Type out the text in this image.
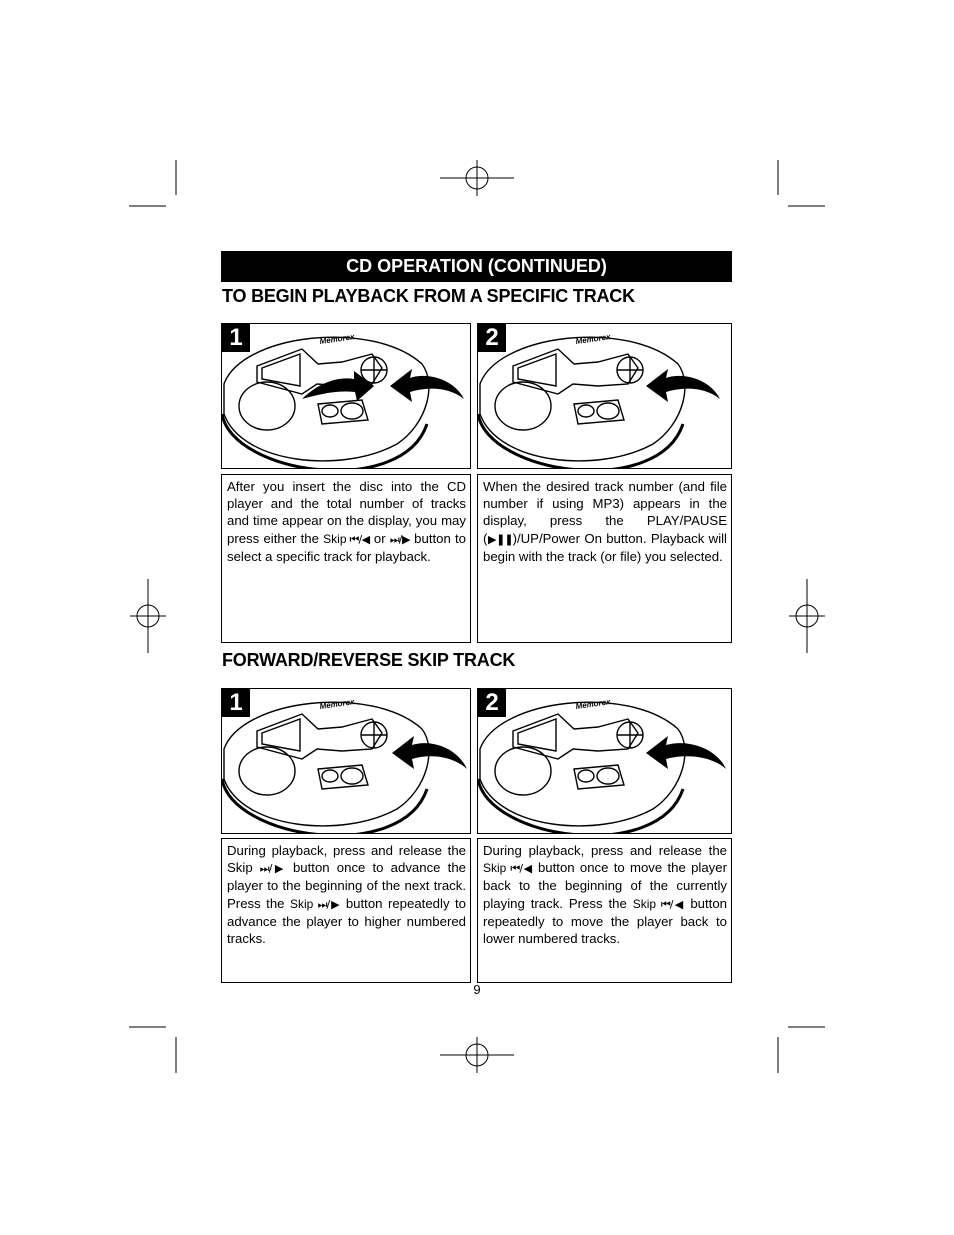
CD OPERATION (CONTINUED)
TO BEGIN PLAYBACK FROM A SPECIFIC TRACK
1	Memorex	2	Memorex
After you insert the disc into the CD player and the total number of tracks and time appear on the display, you may press either the Skip ⏮/◀ or ⏭/▶ button to select a specific track for playback.
When the desired track number (and file number if using MP3) appears in the display, press the PLAY/PAUSE (▶❚❚)/UP/Power On button. Playback will begin with the track (or file) you selected.
FORWARD/REVERSE SKIP TRACK
1	Memorex	2	Memorex
During playback, press and release the Skip ⏭/▶ button once to advance the player to the beginning of the next track. Press the Skip ⏭/▶ button repeatedly to advance the player to higher numbered tracks.
During playback, press and release the Skip ⏮/◀ button once to move the player back to the beginning of the currently playing track. Press the Skip ⏮/◀ button repeatedly to move the player back to lower numbered tracks.
9
